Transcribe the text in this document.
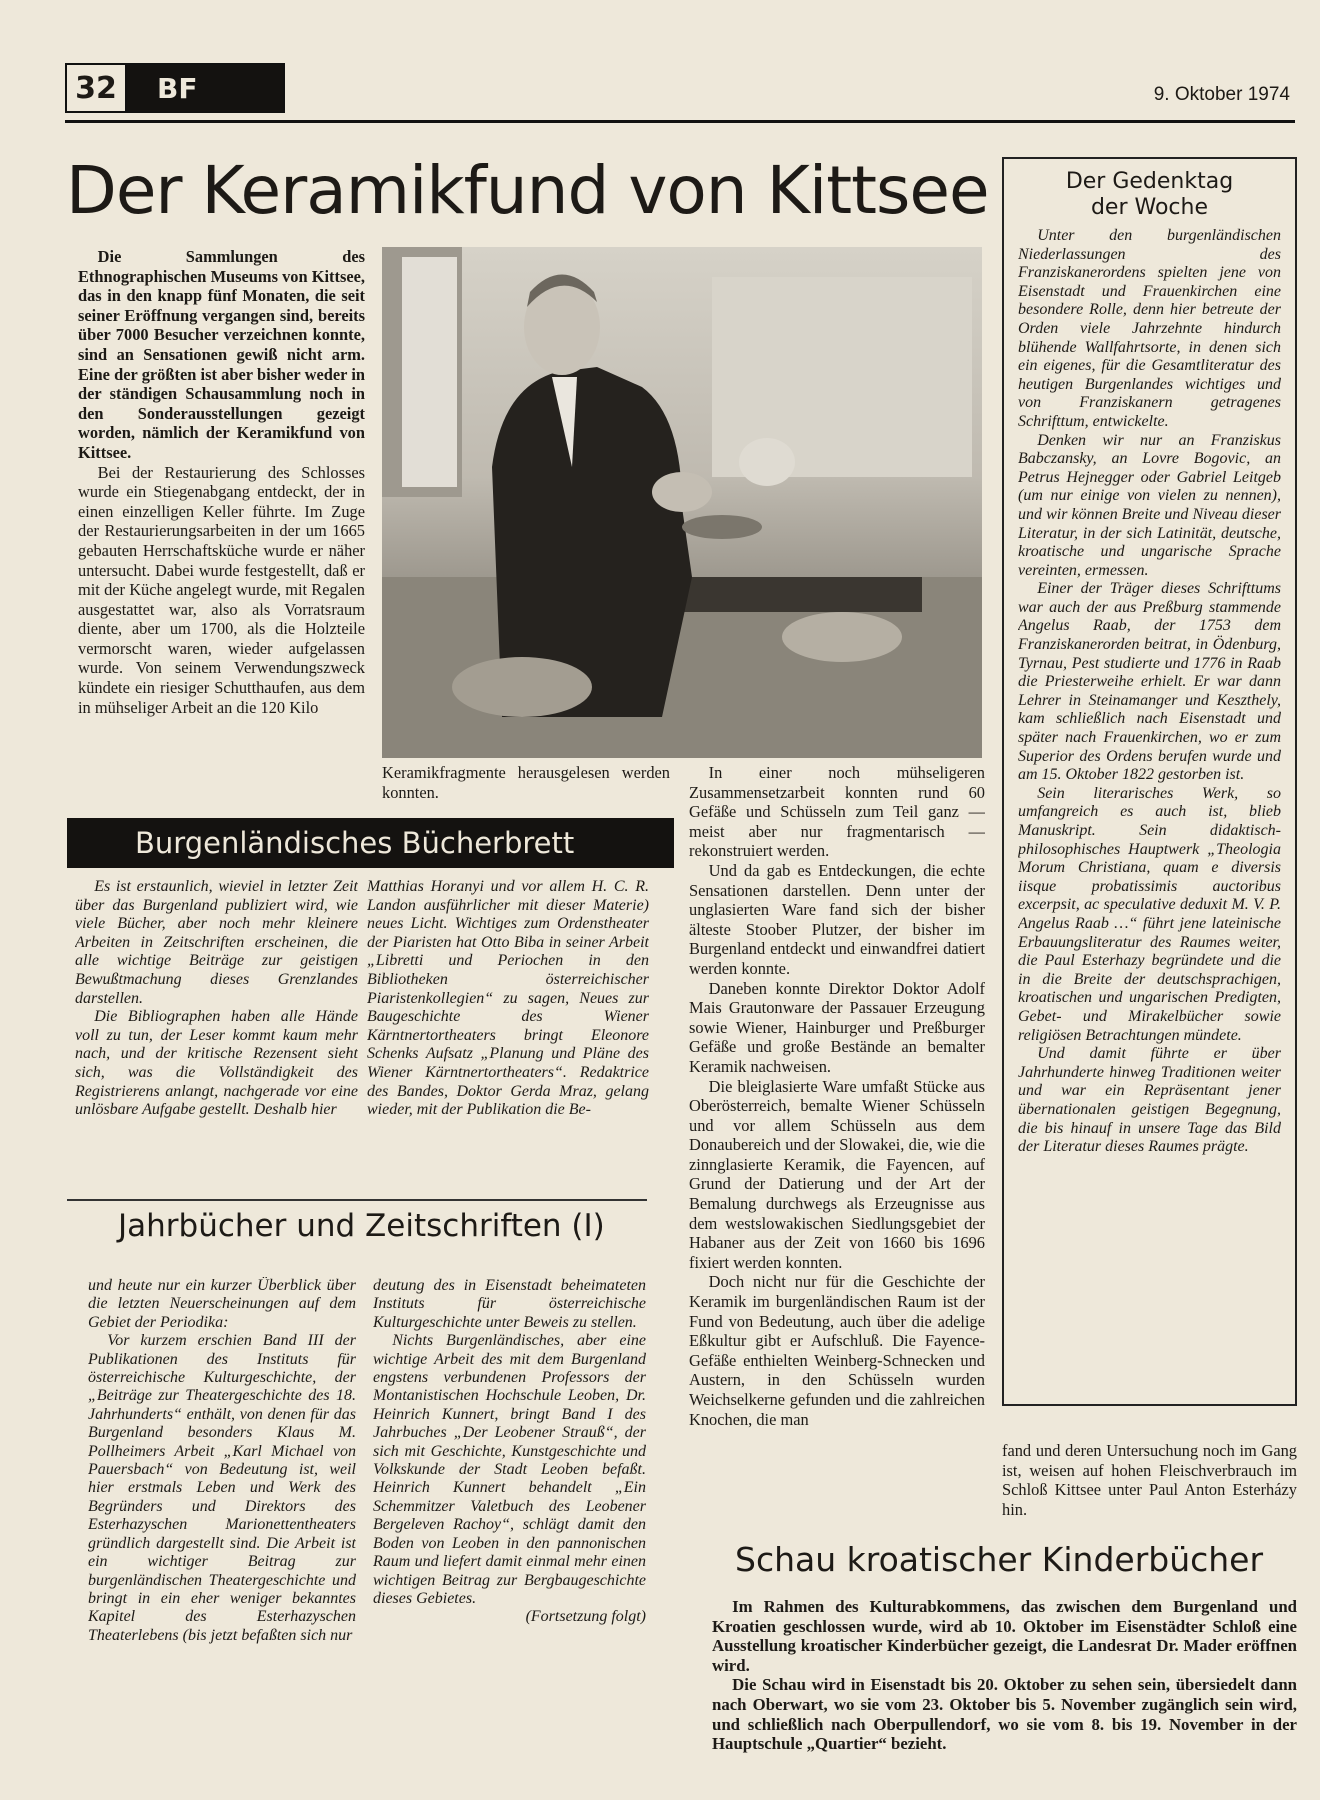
32	BF	9. Oktober 1974
Der Keramikfund von Kittsee

Die Sammlungen des Ethnographischen Museums von Kittsee, das in den knapp fünf Monaten, die seit seiner Eröffnung vergangen sind, bereits über 7000 Besucher verzeichnen konnte, sind an Sensationen gewiß nicht arm. Eine der größten ist aber bisher weder in der ständigen Schausammlung noch in den Sonderausstellungen gezeigt worden, nämlich der Keramikfund von Kittsee.

Bei der Restaurierung des Schlosses wurde ein Stiegenabgang entdeckt, der in einen einzelligen Keller führte. Im Zuge der Restaurierungsarbeiten in der um 1665 gebauten Herrschaftsküche wurde er näher untersucht. Dabei wurde festgestellt, daß er mit der Küche angelegt wurde, mit Regalen ausgestattet war, also als Vorratsraum diente, aber um 1700, als die Holzteile vermorscht waren, wieder aufgelassen wurde. Von seinem Verwendungszweck kündete ein riesiger Schutthaufen, aus dem in mühseliger Arbeit an die 120 Kilo

Keramikfragmente herausgelesen werden konnten.

In einer noch mühseligeren Zusammensetzarbeit konnten rund 60 Gefäße und Schüsseln zum Teil ganz — meist aber nur fragmentarisch — rekonstruiert werden.

Und da gab es Entdeckungen, die echte Sensationen darstellen. Denn unter der unglasierten Ware fand sich der bisher älteste Stoober Plutzer, der bisher im Burgenland entdeckt und einwandfrei datiert werden konnte.

Daneben konnte Direktor Doktor Adolf Mais Grautonware der Passauer Erzeugung sowie Wiener, Hainburger und Preßburger Gefäße und große Bestände an bemalter Keramik nachweisen.

Die bleiglasierte Ware umfaßt Stücke aus Oberösterreich, bemalte Wiener Schüsseln und vor allem Schüsseln aus dem Donaubereich und der Slowakei, die, wie die zinnglasierte Keramik, die Fayencen, auf Grund der Datierung und der Art der Bemalung durchwegs als Erzeugnisse aus dem westslowakischen Siedlungsgebiet der Habaner aus der Zeit von 1660 bis 1696 fixiert werden konnten.

Doch nicht nur für die Geschichte der Keramik im burgenländischen Raum ist der Fund von Bedeutung, auch über die adelige Eßkultur gibt er Aufschluß. Die Fayence-Gefäße enthielten Weinberg-Schnecken und Austern, in den Schüsseln wurden Weichselkerne gefunden und die zahlreichen Knochen, die man

fand und deren Untersuchung noch im Gang ist, weisen auf hohen Fleischverbrauch im Schloß Kittsee unter Paul Anton Esterházy hin.

Der Gedenktag
der Woche

Unter den burgenländischen Niederlassungen des Franziskanerordens spielten jene von Eisenstadt und Frauenkirchen eine besondere Rolle, denn hier betreute der Orden viele Jahrzehnte hindurch blühende Wallfahrtsorte, in denen sich ein eigenes, für die Gesamtliteratur des heutigen Burgenlandes wichtiges und von Franziskanern getragenes Schrifttum, entwickelte.

Denken wir nur an Franziskus Babczansky, an Lovre Bogovic, an Petrus Hejnegger oder Gabriel Leitgeb (um nur einige von vielen zu nennen), und wir können Breite und Niveau dieser Literatur, in der sich Latinität, deutsche, kroatische und ungarische Sprache vereinten, ermessen.

Einer der Träger dieses Schrifttums war auch der aus Preßburg stammende Angelus Raab, der 1753 dem Franziskanerorden beitrat, in Ödenburg, Tyrnau, Pest studierte und 1776 in Raab die Priesterweihe erhielt. Er war dann Lehrer in Steinamanger und Keszthely, kam schließlich nach Eisenstadt und später nach Frauenkirchen, wo er zum Superior des Ordens berufen wurde und am 15. Oktober 1822 gestorben ist.

Sein literarisches Werk, so umfangreich es auch ist, blieb Manuskript. Sein didaktisch-philosophisches Hauptwerk „Theologia Morum Christiana, quam e diversis iisque probatissimis auctoribus excerpsit, ac speculative deduxit M. V. P. Angelus Raab …“ führt jene lateinische Erbauungsliteratur des Raumes weiter, die Paul Esterhazy begründete und die in die Breite der deutschsprachigen, kroatischen und ungarischen Predigten, Gebet- und Mirakelbücher sowie religiösen Betrachtungen mündete.

Und damit führte er über Jahrhunderte hinweg Traditionen weiter und war ein Repräsentant jener übernationalen geistigen Begegnung, die bis hinauf in unsere Tage das Bild der Literatur dieses Raumes prägte.

Burgenländisches Bücherbrett

Es ist erstaunlich, wieviel in letzter Zeit über das Burgenland publiziert wird, wie viele Bücher, aber noch mehr kleinere Arbeiten in Zeitschriften erscheinen, die alle wichtige Beiträge zur geistigen Bewußtmachung dieses Grenzlandes darstellen.

Die Bibliographen haben alle Hände voll zu tun, der Leser kommt kaum mehr nach, und der kritische Rezensent sieht sich, was die Vollständigkeit des Registrierens anlangt, nachgerade vor eine unlösbare Aufgabe gestellt. Deshalb hier

Matthias Horanyi und vor allem H. C. R. Landon ausführlicher mit dieser Materie) neues Licht. Wichtiges zum Ordenstheater der Piaristen hat Otto Biba in seiner Arbeit „Libretti und Periochen in den Bibliotheken österreichischer Piaristenkollegien“ zu sagen, Neues zur Baugeschichte des Wiener Kärntnertortheaters bringt Eleonore Schenks Aufsatz „Planung und Pläne des Wiener Kärntnertortheaters“. Redaktrice des Bandes, Doktor Gerda Mraz, gelang wieder, mit der Publikation die Be-

Jahrbücher und Zeitschriften (I)

und heute nur ein kurzer Überblick über die letzten Neuerscheinungen auf dem Gebiet der Periodika:

Vor kurzem erschien Band III der Publikationen des Instituts für österreichische Kulturgeschichte, der „Beiträge zur Theatergeschichte des 18. Jahrhunderts“ enthält, von denen für das Burgenland besonders Klaus M. Pollheimers Arbeit „Karl Michael von Pauersbach“ von Bedeutung ist, weil hier erstmals Leben und Werk des Begründers und Direktors des Esterhazyschen Marionettentheaters gründlich dargestellt sind. Die Arbeit ist ein wichtiger Beitrag zur burgenländischen Theatergeschichte und bringt in ein eher weniger bekanntes Kapitel des Esterhazyschen Theaterlebens (bis jetzt befaßten sich nur

deutung des in Eisenstadt beheimateten Instituts für österreichische Kulturgeschichte unter Beweis zu stellen.

Nichts Burgenländisches, aber eine wichtige Arbeit des mit dem Burgenland engstens verbundenen Professors der Montanistischen Hochschule Leoben, Dr. Heinrich Kunnert, bringt Band I des Jahrbuches „Der Leobener Strauß“, der sich mit Geschichte, Kunstgeschichte und Volkskunde der Stadt Leoben befaßt. Heinrich Kunnert behandelt „Ein Schemmitzer Valetbuch des Leobener Bergeleven Rachoy“, schlägt damit den Boden von Leoben in den pannonischen Raum und liefert damit einmal mehr einen wichtigen Beitrag zur Bergbaugeschichte dieses Gebietes.

(Fortsetzung folgt)

Schau kroatischer Kinderbücher

Im Rahmen des Kulturabkommens, das zwischen dem Burgenland und Kroatien geschlossen wurde, wird ab 10. Oktober im Eisenstädter Schloß eine Ausstellung kroatischer Kinderbücher gezeigt, die Landesrat Dr. Mader eröffnen wird.

Die Schau wird in Eisenstadt bis 20. Oktober zu sehen sein, übersiedelt dann nach Oberwart, wo sie vom 23. Oktober bis 5. November zugänglich sein wird, und schließlich nach Oberpullendorf, wo sie vom 8. bis 19. November in der Hauptschule „Quartier“ bezieht.
